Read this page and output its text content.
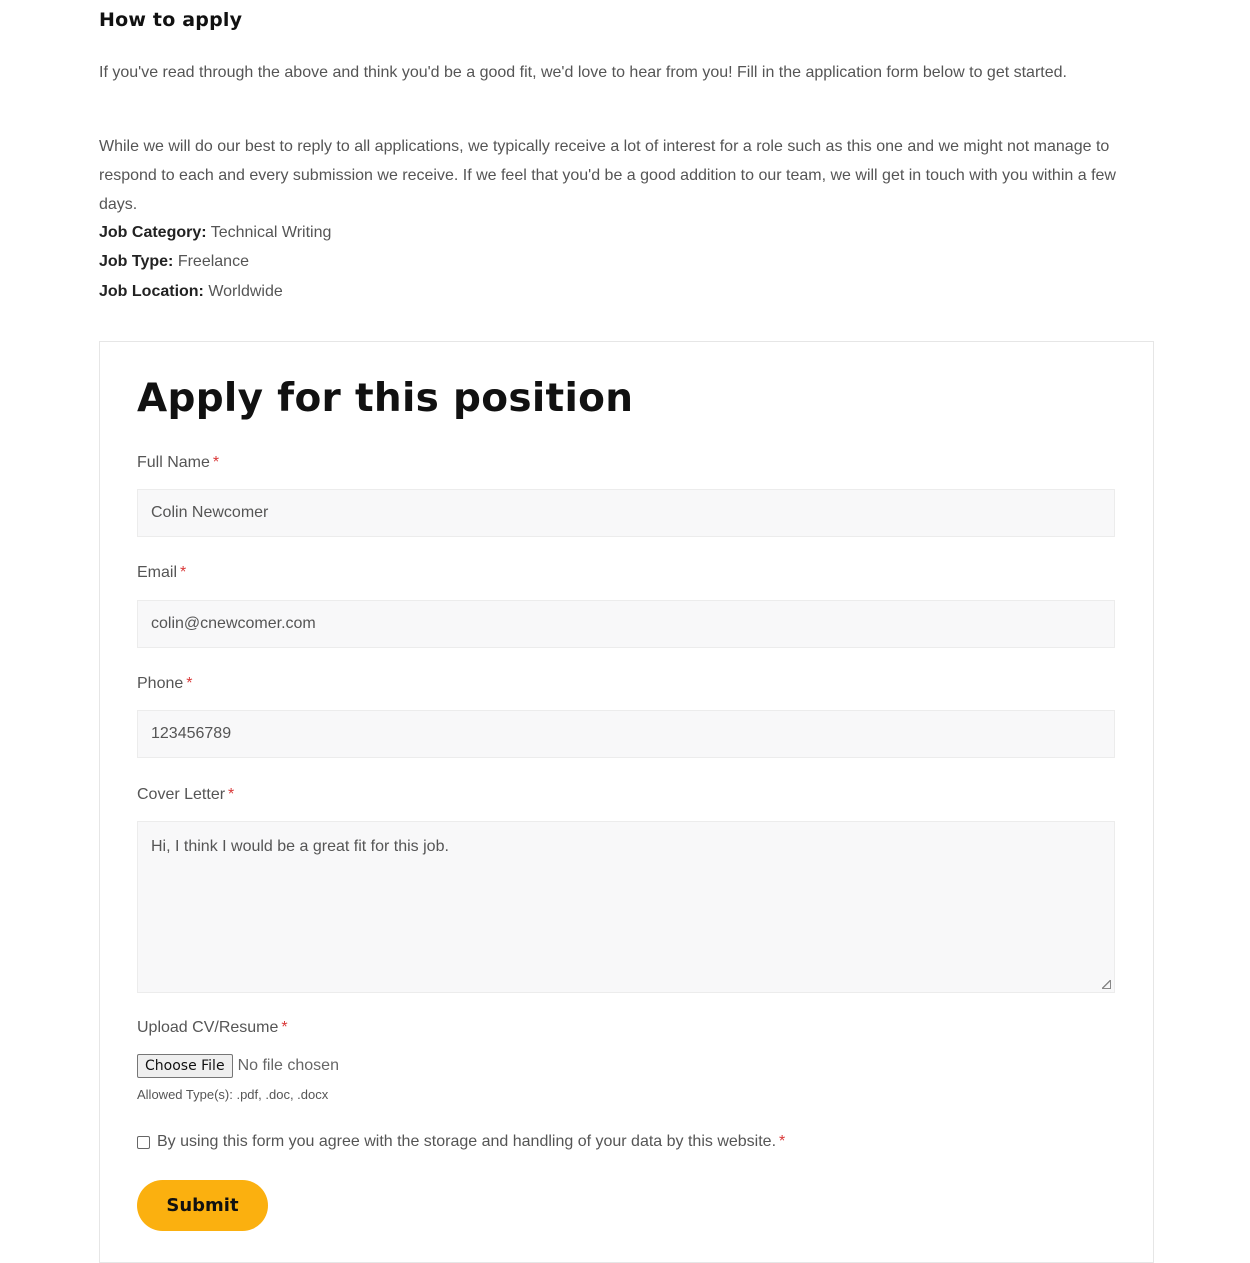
How to apply

If you've read through the above and think you'd be a good fit, we'd love to hear from you! Fill in the application form below to get started.

While we will do our best to reply to all applications, we typically receive a lot of interest for a role such as this one and we might not manage to respond to each and every submission we receive. If we feel that you'd be a good addition to our team, we will get in touch with you within a few days.

Job Category: Technical Writing

Job Type: Freelance

Job Location: Worldwide

Apply for this position

Full Name *

Colin Newcomer

Email *

colin@cnewcomer.com

Phone *

123456789

Cover Letter *

Hi, I think I would be a great fit for this job.

Upload CV/Resume *

Choose File No file chosen
Allowed Type(s): .pdf, .doc, .docx
By using this form you agree with the storage and handling of your data by this website. *
Submit
